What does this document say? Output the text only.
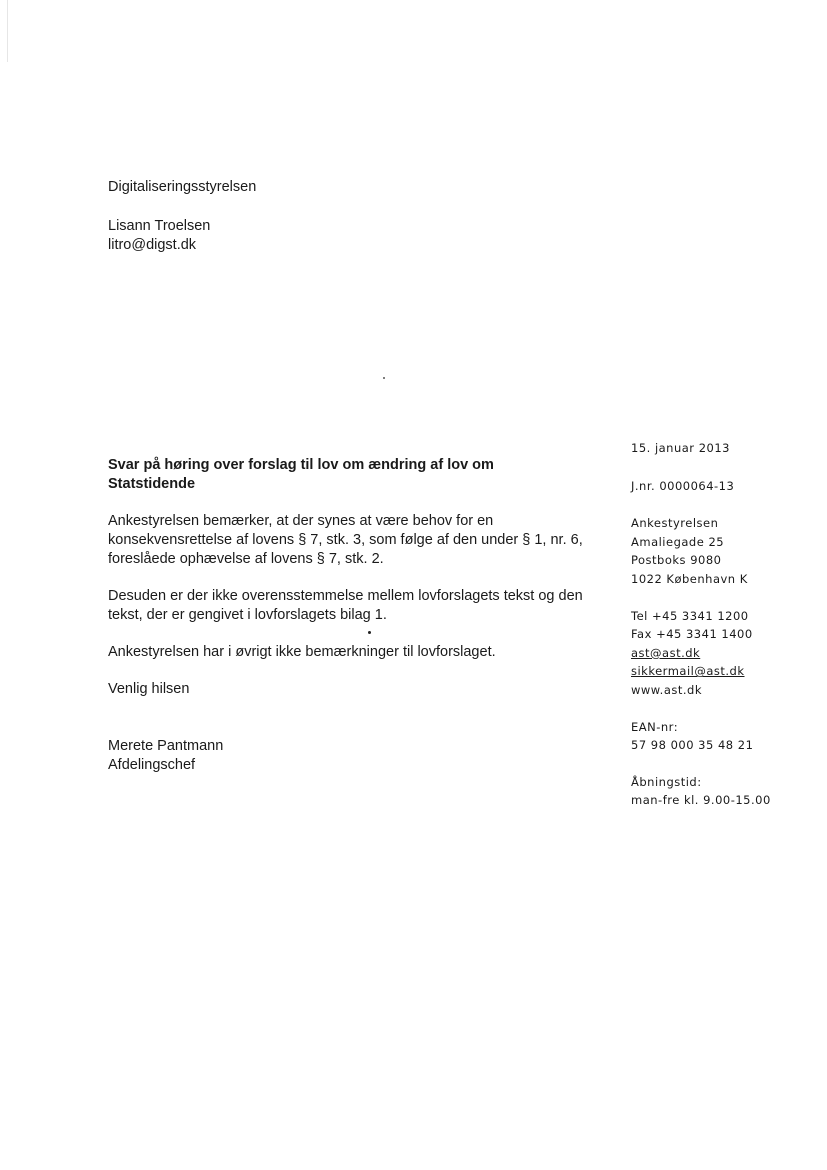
Digitaliseringsstyrelsen
Lisann Troelsen
litro@digst.dk
Svar på høring over forslag til lov om ændring af lov om
Statstidende

Ankestyrelsen bemærker, at der synes at være behov for en
konsekvensrettelse af lovens § 7, stk. 3, som følge af den under § 1, nr. 6,
foreslåede ophævelse af lovens § 7, stk. 2.

Desuden er der ikke overensstemmelse mellem lovforslagets tekst og den
tekst, der er gengivet i lovforslagets bilag 1.

Ankestyrelsen har i øvrigt ikke bemærkninger til lovforslaget.

Venlig hilsen

Merete Pantmann
Afdelingschef
15. januar 2013
J.nr. 0000064-13
Ankestyrelsen
Amaliegade 25
Postboks 9080
1022 København K
Tel +45 3341 1200
Fax +45 3341 1400
ast@ast.dk
sikkermail@ast.dk
www.ast.dk
EAN-nr:
57 98 000 35 48 21
Åbningstid:
man-fre kl. 9.00-15.00
